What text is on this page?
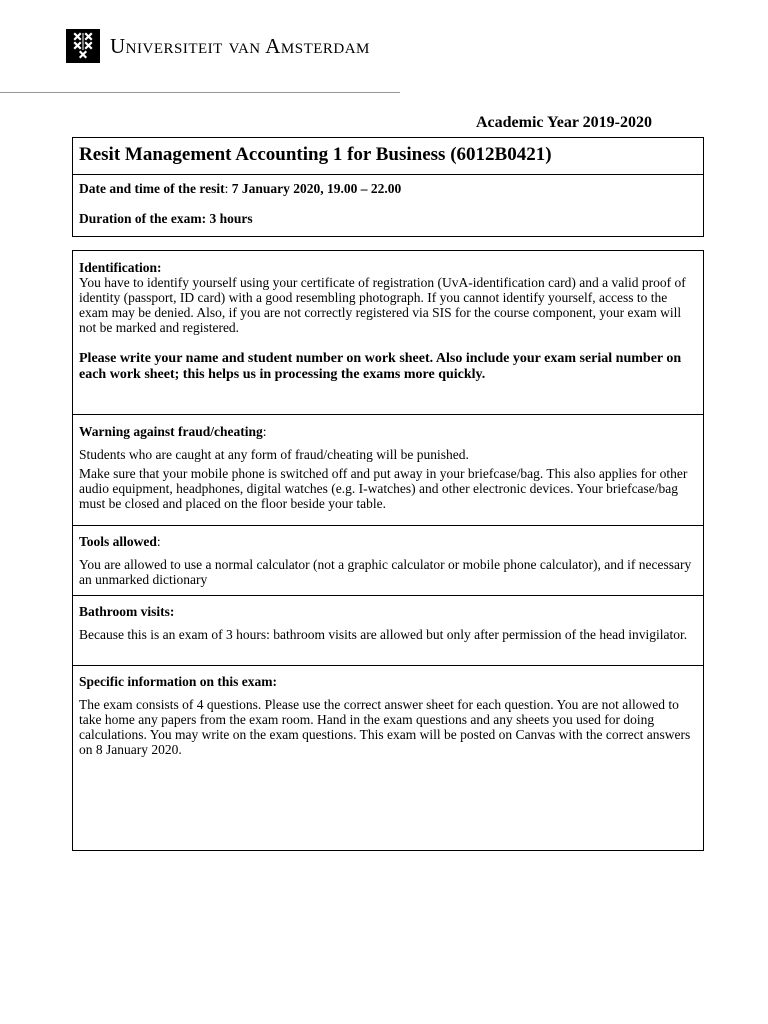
Universiteit van Amsterdam
Academic Year 2019-2020
Resit Management Accounting 1 for Business (6012B0421)

Date and time of the resit: 7 January 2020, 19.00 – 22.00

Duration of the exam: 3 hours

Identification:

You have to identify yourself using your certificate of registration (UvA-identification card) and a valid proof of identity (passport, ID card) with a good resembling photograph. If you cannot identify yourself, access to the exam may be denied. Also, if you are not correctly registered via SIS for the course component, your exam will not be marked and registered.

Please write your name and student number on work sheet. Also include your exam serial number on each work sheet; this helps us in processing the exams more quickly.

Warning against fraud/cheating:

Students who are caught at any form of fraud/cheating will be punished.

Make sure that your mobile phone is switched off and put away in your briefcase/bag. This also applies for other audio equipment, headphones, digital watches (e.g. I-watches) and other electronic devices. Your briefcase/bag must be closed and placed on the floor beside your table.

Tools allowed:

You are allowed to use a normal calculator (not a graphic calculator or mobile phone calculator), and if necessary an unmarked dictionary

Bathroom visits:

Because this is an exam of 3 hours: bathroom visits are allowed but only after permission of the head invigilator.

Specific information on this exam:

The exam consists of 4 questions. Please use the correct answer sheet for each question. You are not allowed to take home any papers from the exam room. Hand in the exam questions and any sheets you used for doing calculations. You may write on the exam questions. This exam will be posted on Canvas with the correct answers on 8 January 2020.
